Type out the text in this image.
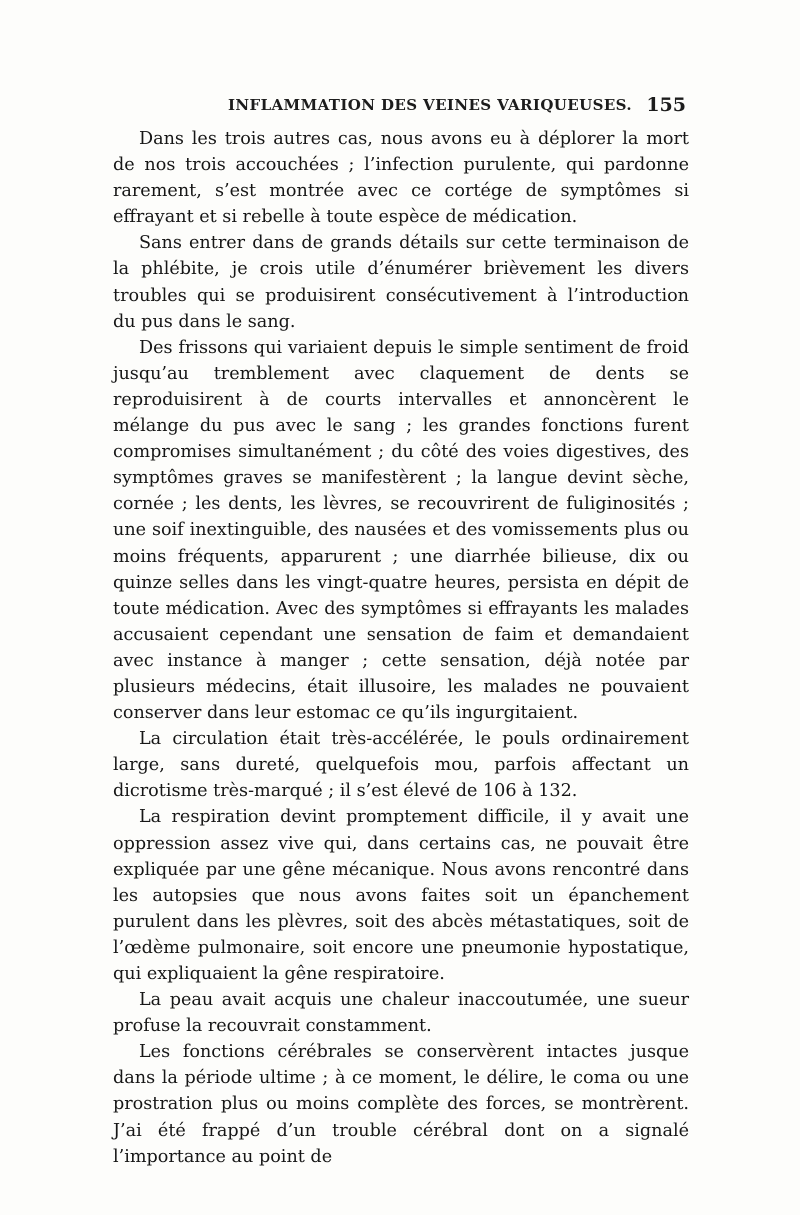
INFLAMMATION DES VEINES VARIQUEUSES. 155

Dans les trois autres cas, nous avons eu à déplorer la mort de nos trois accouchées ; l’infection purulente, qui pardonne rarement, s’est montrée avec ce cortége de symptômes si effrayant et si rebelle à toute espèce de médication.

Sans entrer dans de grands détails sur cette terminaison de la phlébite, je crois utile d’énumérer brièvement les divers troubles qui se produisirent consécutivement à l’introduction du pus dans le sang.

Des frissons qui variaient depuis le simple sentiment de froid jusqu’au tremblement avec claquement de dents se reproduisirent à de courts intervalles et annoncèrent le mélange du pus avec le sang ; les grandes fonctions furent compromises simultanément ; du côté des voies digestives, des symptômes graves se manifestèrent ; la langue devint sèche, cornée ; les dents, les lèvres, se recouvrirent de fuliginosités ; une soif inextinguible, des nausées et des vomissements plus ou moins fréquents, apparurent ; une diarrhée bilieuse, dix ou quinze selles dans les vingt-quatre heures, persista en dépit de toute médication. Avec des symptômes si effrayants les malades accusaient cependant une sensation de faim et demandaient avec instance à manger ; cette sensation, déjà notée par plusieurs médecins, était illusoire, les malades ne pouvaient conserver dans leur estomac ce qu’ils ingurgitaient.

La circulation était très-accélérée, le pouls ordinairement large, sans dureté, quelquefois mou, parfois affectant un dicrotisme très-marqué ; il s’est élevé de 106 à 132.

La respiration devint promptement difficile, il y avait une oppression assez vive qui, dans certains cas, ne pouvait être expliquée par une gêne mécanique. Nous avons rencontré dans les autopsies que nous avons faites soit un épanchement purulent dans les plèvres, soit des abcès métastatiques, soit de l’œdème pulmonaire, soit encore une pneumonie hypostatique, qui expliquaient la gêne respiratoire.

La peau avait acquis une chaleur inaccoutumée, une sueur profuse la recouvrait constamment.

Les fonctions cérébrales se conservèrent intactes jusque dans la période ultime ; à ce moment, le délire, le coma ou une prostration plus ou moins complète des forces, se montrèrent. J’ai été frappé d’un trouble cérébral dont on a signalé l’importance au point de
